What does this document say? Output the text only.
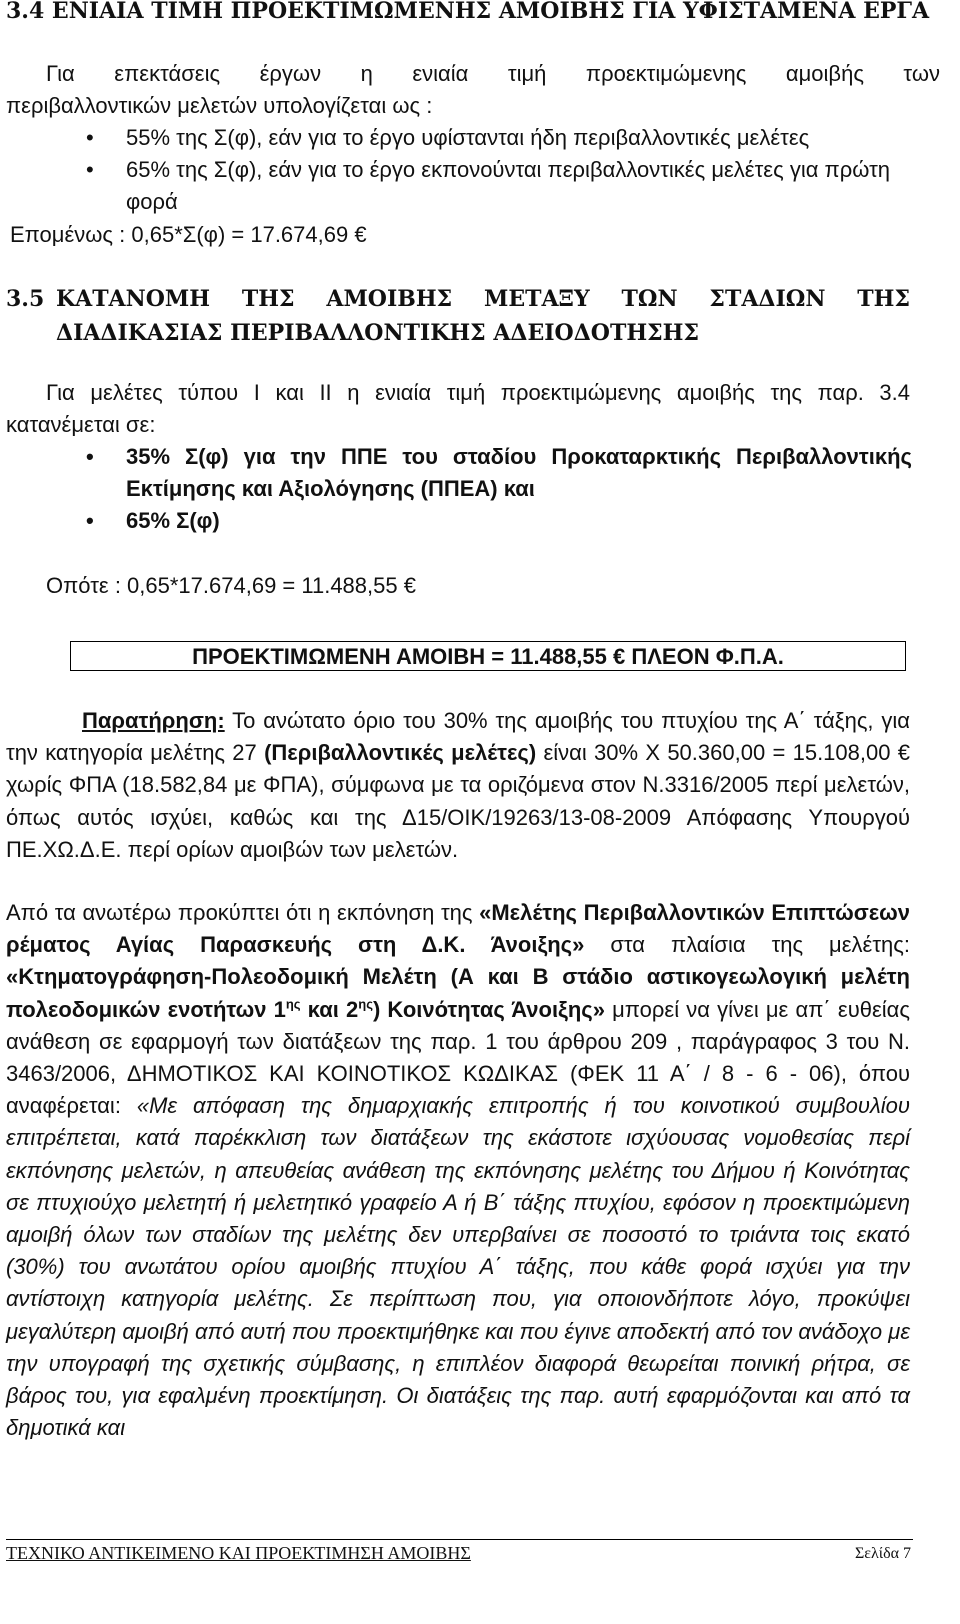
3.4 ΕΝΙΑΙΑ ΤΙΜΗ ΠΡΟΕΚΤΙΜΩΜΕΝΗΣ ΑΜΟΙΒΗΣ ΓΙΑ ΥΦΙΣΤΑΜΕΝΑ ΕΡΓΑ
Για επεκτάσεις έργων η ενιαία τιμή προεκτιμώμενης αμοιβής των
περιβαλλοντικών μελετών υπολογίζεται ως :
• 55% της Σ(φ), εάν για το έργο υφίστανται ήδη περιβαλλοντικές μελέτες
• 65% της Σ(φ), εάν για το έργο εκπονούνται περιβαλλοντικές μελέτες για πρώτη φορά
Επομένως : 0,65*Σ(φ) = 17.674,69 €
3.5 ΚΑΤΑΝΟΜΗ ΤΗΣ ΑΜΟΙΒΗΣ ΜΕΤΑΞΥ ΤΩΝ ΣΤΑΔΙΩΝ ΤΗΣ
ΔΙΑΔΙΚΑΣΙΑΣ ΠΕΡΙΒΑΛΛΟΝΤΙΚΗΣ ΑΔΕΙΟΔΟΤΗΣΗΣ
Για μελέτες τύπου Ι και ΙΙ η ενιαία τιμή προεκτιμώμενης αμοιβής της παρ. 3.4
κατανέμεται σε:
• 35% Σ(φ) για την ΠΠΕ του σταδίου Προκαταρκτικής Περιβαλλοντικής Εκτίμησης και Αξιολόγησης (ΠΠΕΑ) και
• 65% Σ(φ)
Οπότε : 0,65*17.674,69 = 11.488,55 €
ΠΡΟΕΚΤΙΜΩΜΕΝΗ ΑΜΟΙΒΗ = 11.488,55 € ΠΛΕΟΝ Φ.Π.Α.
Παρατήρηση: Το ανώτατο όριο του 30% της αμοιβής του πτυχίου της Α΄ τάξης, για την κατηγορία μελέτης 27 (Περιβαλλοντικές μελέτες) είναι 30% Χ 50.360,00 = 15.108,00 € χωρίς ΦΠΑ (18.582,84 με ΦΠΑ), σύμφωνα με τα οριζόμενα στον Ν.3316/2005 περί μελετών, όπως αυτός ισχύει, καθώς και της Δ15/ΟΙΚ/19263/13-08-2009 Απόφασης Υπουργού ΠΕ.ΧΩ.Δ.Ε. περί ορίων αμοιβών των μελετών.
Από τα ανωτέρω προκύπτει ότι η εκπόνηση της «Μελέτης Περιβαλλοντικών Επιπτώσεων ρέματος Αγίας Παρασκευής στη Δ.Κ. Άνοιξης» στα πλαίσια της μελέτης: «Κτηματογράφηση-Πολεοδομική Μελέτη (Α και Β στάδιο αστικογεωλογική μελέτη πολεοδομικών ενοτήτων $1^{\eta\varsigma}$ και $2^{\eta\varsigma}$) Κοινότητας Άνοιξης» μπορεί να γίνει με απ΄ ευθείας ανάθεση σε εφαρμογή των διατάξεων της παρ. 1 του άρθρου 209 , παράγραφος 3 του Ν. 3463/2006, ΔΗΜΟΤΙΚΟΣ ΚΑΙ ΚΟΙΝΟΤΙΚΟΣ ΚΩΔΙΚΑΣ (ΦΕΚ 11 Α΄ / 8 - 6 - 06), όπου αναφέρεται: «Με απόφαση της δημαρχιακής επιτροπής ή του κοινοτικού συμβουλίου επιτρέπεται, κατά παρέκκλιση των διατάξεων της εκάστοτε ισχύουσας νομοθεσίας περί εκπόνησης μελετών, η απευθείας ανάθεση της εκπόνησης μελέτης του Δήμου ή Κοινότητας σε πτυχιούχο μελετητή ή μελετητικό γραφείο Α ή Β΄ τάξης πτυχίου, εφόσον η προεκτιμώμενη αμοιβή όλων των σταδίων της μελέτης δεν υπερβαίνει σε ποσοστό το τριάντα τοις εκατό (30%) του ανωτάτου ορίου αμοιβής πτυχίου Α΄ τάξης, που κάθε φορά ισχύει για την αντίστοιχη κατηγορία μελέτης. Σε περίπτωση που, για οποιονδήποτε λόγο, προκύψει μεγαλύτερη αμοιβή από αυτή που προεκτιμήθηκε και που έγινε αποδεκτή από τον ανάδοχο με την υπογραφή της σχετικής σύμβασης, η επιπλέον διαφορά θεωρείται ποινική ρήτρα, σε βάρος του, για εφαλμένη προεκτίμηση. Οι διατάξεις της παρ. αυτή εφαρμόζονται και από τα δημοτικά και
ΤΕΧΝΙΚΟ ΑΝΤΙΚΕΙΜΕΝΟ ΚΑΙ ΠΡΟΕΚΤΙΜΗΣΗ ΑΜΟΙΒΗΣ	Σελίδα 7
